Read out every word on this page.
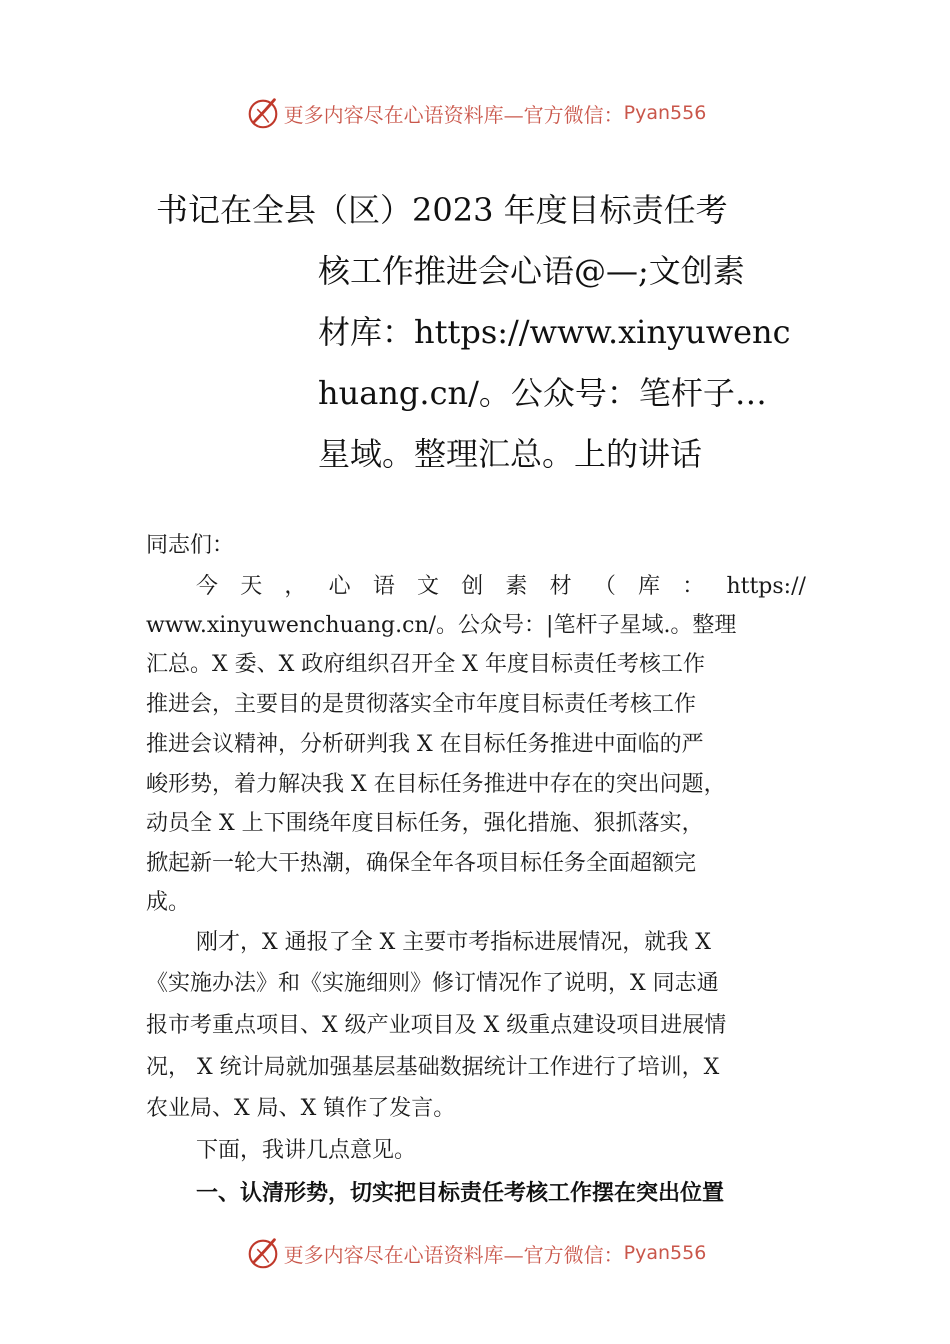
更多内容尽在心语资料库—官方微信： Pyan556
书记在全县（区）2023 年度目标责任考
核工作推进会心语@—;文创素
材库：https://www.xinyuwenc
huang.cn/。公众号：笔杆子…
星域。整理汇总。上的讲话
同志们：
今 天 ， 心 语 文 创 素 材 （ 库 ： https://
www.xinyuwenchuang.cn/。公众号：|笔杆子星域.。整理
汇总。X 委、X 政府组织召开全 X 年度目标责任考核工作
推进会，主要目的是贯彻落实全市年度目标责任考核工作
推进会议精神，分析研判我 X 在目标任务推进中面临的严
峻形势，着力解决我 X 在目标任务推进中存在的突出问题，
动员全 X 上下围绕年度目标任务，强化措施、狠抓落实，
掀起新一轮大干热潮，确保全年各项目标任务全面超额完
成。
刚才，X 通报了全 X 主要市考指标进展情况，就我 X
《实施办法》和《实施细则》修订情况作了说明，X 同志通
报市考重点项目、X 级产业项目及 X 级重点建设项目进展情
况， X 统计局就加强基层基础数据统计工作进行了培训，X
农业局、X 局、X 镇作了发言。
下面，我讲几点意见。
一、认清形势，切实把目标责任考核工作摆在突出位置
更多内容尽在心语资料库—官方微信： Pyan556
